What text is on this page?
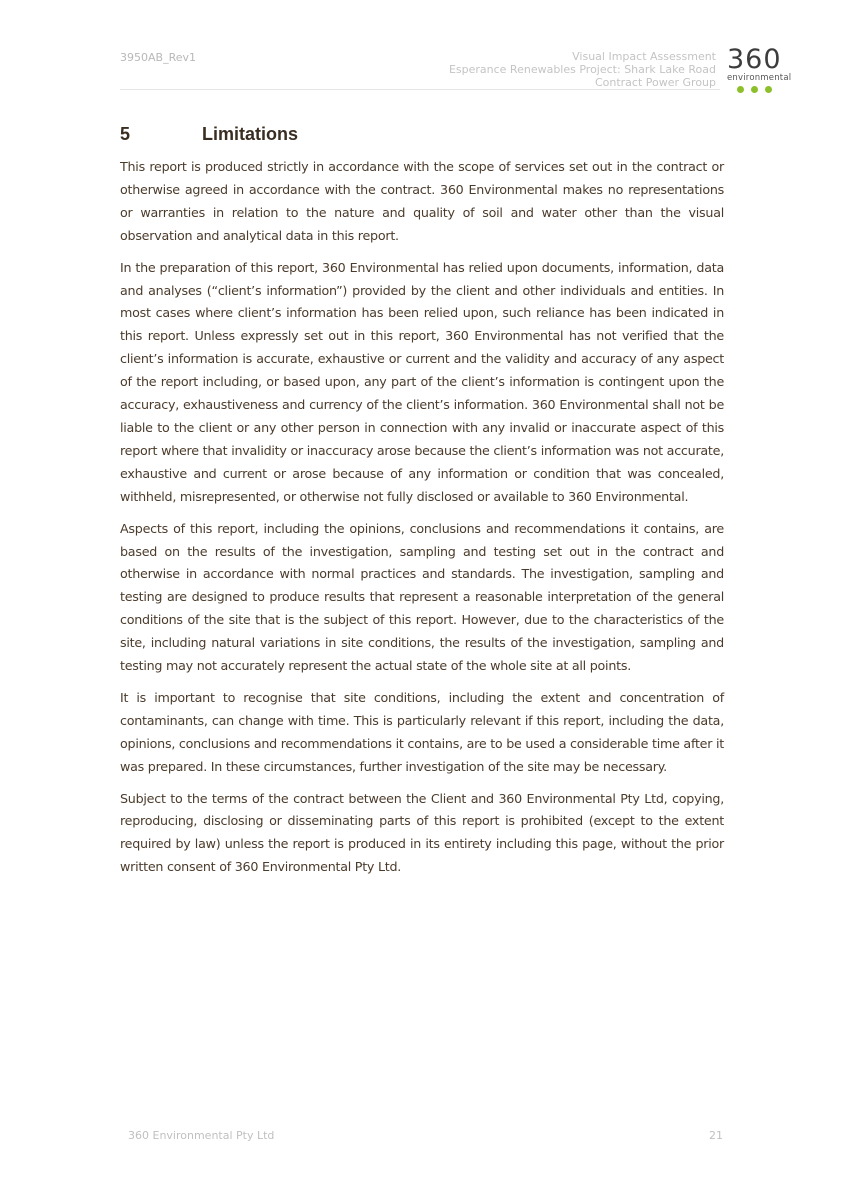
3950AB_Rev1	Visual Impact Assessment
Esperance Renewables Project: Shark Lake Road
Contract Power Group
360
environmental
5	Limitations

This report is produced strictly in accordance with the scope of services set out in the contract or otherwise agreed in accordance with the contract. 360 Environmental makes no representations or warranties in relation to the nature and quality of soil and water other than the visual observation and analytical data in this report.

In the preparation of this report, 360 Environmental has relied upon documents, information, data and analyses (“client’s information”) provided by the client and other individuals and entities. In most cases where client’s information has been relied upon, such reliance has been indicated in this report. Unless expressly set out in this report, 360 Environmental has not verified that the client’s information is accurate, exhaustive or current and the validity and accuracy of any aspect of the report including, or based upon, any part of the client’s information is contingent upon the accuracy, exhaustiveness and currency of the client’s information. 360 Environmental shall not be liable to the client or any other person in connection with any invalid or inaccurate aspect of this report where that invalidity or inaccuracy arose because the client’s information was not accurate, exhaustive and current or arose because of any information or condition that was concealed, withheld, misrepresented, or otherwise not fully disclosed or available to 360 Environmental.

Aspects of this report, including the opinions, conclusions and recommendations it contains, are based on the results of the investigation, sampling and testing set out in the contract and otherwise in accordance with normal practices and standards. The investigation, sampling and testing are designed to produce results that represent a reasonable interpretation of the general conditions of the site that is the subject of this report. However, due to the characteristics of the site, including natural variations in site conditions, the results of the investigation, sampling and testing may not accurately represent the actual state of the whole site at all points.

It is important to recognise that site conditions, including the extent and concentration of contaminants, can change with time. This is particularly relevant if this report, including the data, opinions, conclusions and recommendations it contains, are to be used a considerable time after it was prepared. In these circumstances, further investigation of the site may be necessary.

Subject to the terms of the contract between the Client and 360 Environmental Pty Ltd, copying, reproducing, disclosing or disseminating parts of this report is prohibited (except to the extent required by law) unless the report is produced in its entirety including this page, without the prior written consent of 360 Environmental Pty Ltd.

360 Environmental Pty Ltd	21
